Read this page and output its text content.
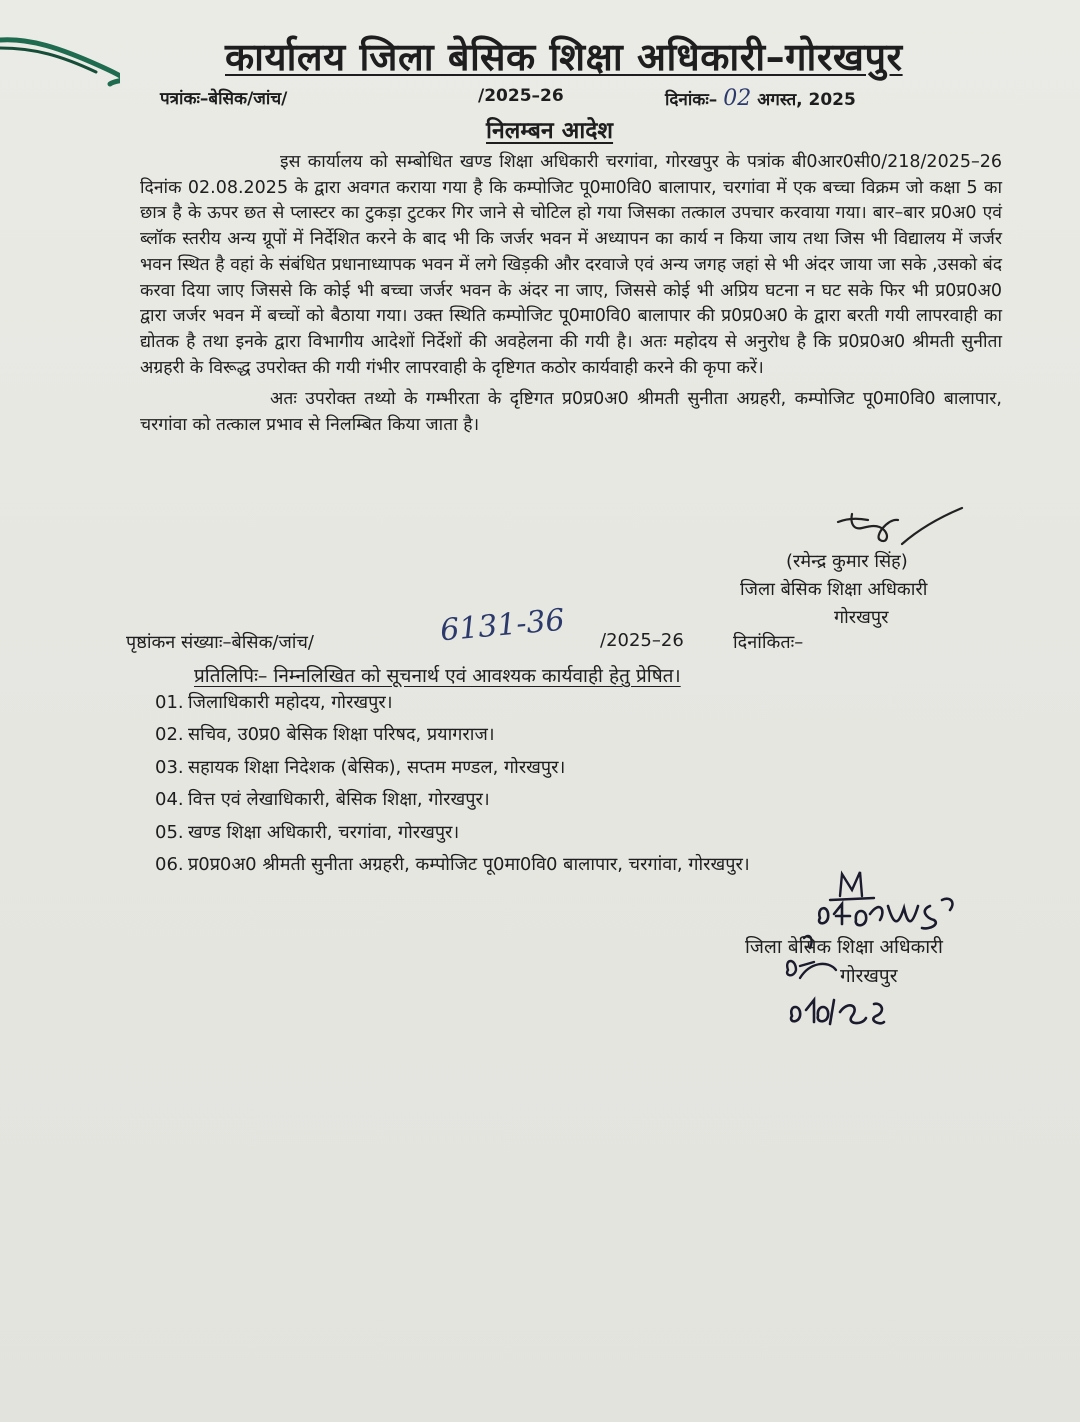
कार्यालय जिला बेसिक शिक्षा अधिकारी–गोरखपुर
पत्रांकः–बेसिक/जांच/	/2025–26	दिनांकः– 02 अगस्त, 2025
निलम्बन आदेश

इस कार्यालय को सम्बोधित खण्ड शिक्षा अधिकारी चरगांवा, गोरखपुर के पत्रांक बी0आर0सी0/218/2025–26 दिनांक 02.08.2025 के द्वारा अवगत कराया गया है कि कम्पोजिट पू0मा0वि0 बालापार, चरगांवा में एक बच्चा विक्रम जो कक्षा 5 का छात्र है के ऊपर छत से प्लास्टर का टुकड़ा टुटकर गिर जाने से चोटिल हो गया जिसका तत्काल उपचार करवाया गया। बार–बार प्र0अ0 एवं ब्लॉक स्तरीय अन्य ग्रूपों में निर्देशित करने के बाद भी कि जर्जर भवन में अध्यापन का कार्य न किया जाय तथा जिस भी विद्यालय में जर्जर भवन स्थित है वहां के संबंधित प्रधानाध्यापक भवन में लगे खिड़की और दरवाजे एवं अन्य जगह जहां से भी अंदर जाया जा सके ,उसको बंद करवा दिया जाए जिससे कि कोई भी बच्चा जर्जर भवन के अंदर ना जाए, जिससे कोई भी अप्रिय घटना न घट सके फिर भी प्र0प्र0अ0 द्वारा जर्जर भवन में बच्चों को बैठाया गया। उक्त स्थिति कम्पोजिट पू0मा0वि0 बालापार की प्र0प्र0अ0 के द्वारा बरती गयी लापरवाही का द्योतक है तथा इनके द्वारा विभागीय आदेशों निर्देशों की अवहेलना की गयी है। अतः महोदय से अनुरोध है कि प्र0प्र0अ0 श्रीमती सुनीता अग्रहरी के विरूद्ध उपरोक्त की गयी गंभीर लापरवाही के दृष्टिगत कठोर कार्यवाही करने की कृपा करें।

अतः उपरोक्त तथ्यो के गम्भीरता के दृष्टिगत प्र0प्र0अ0 श्रीमती सुनीता अग्रहरी, कम्पोजिट पू0मा0वि0 बालापार, चरगांवा को तत्काल प्रभाव से निलम्बित किया जाता है।

(रमेन्द्र कुमार सिंह)
जिला बेसिक शिक्षा अधिकारी
गोरखपुर
पृष्ठांकन संख्याः–बेसिक/जांच/	6131-36 /2025–26	दिनांकितः–
प्रतिलिपिः– निम्नलिखित को सूचनार्थ एवं आवश्यक कार्यवाही हेतु प्रेषित।
01. जिलाधिकारी महोदय, गोरखपुर।
02. सचिव, उ0प्र0 बेसिक शिक्षा परिषद, प्रयागराज।
03. सहायक शिक्षा निदेशक (बेसिक), सप्तम मण्डल, गोरखपुर।
04. वित्त एवं लेखाधिकारी, बेसिक शिक्षा, गोरखपुर।
05. खण्ड शिक्षा अधिकारी, चरगांवा, गोरखपुर।
06. प्र0प्र0अ0 श्रीमती सुनीता अग्रहरी, कम्पोजिट पू0मा0वि0 बालापार, चरगांवा, गोरखपुर।
जिला बेसिक शिक्षा अधिकारी
गोरखपुर
